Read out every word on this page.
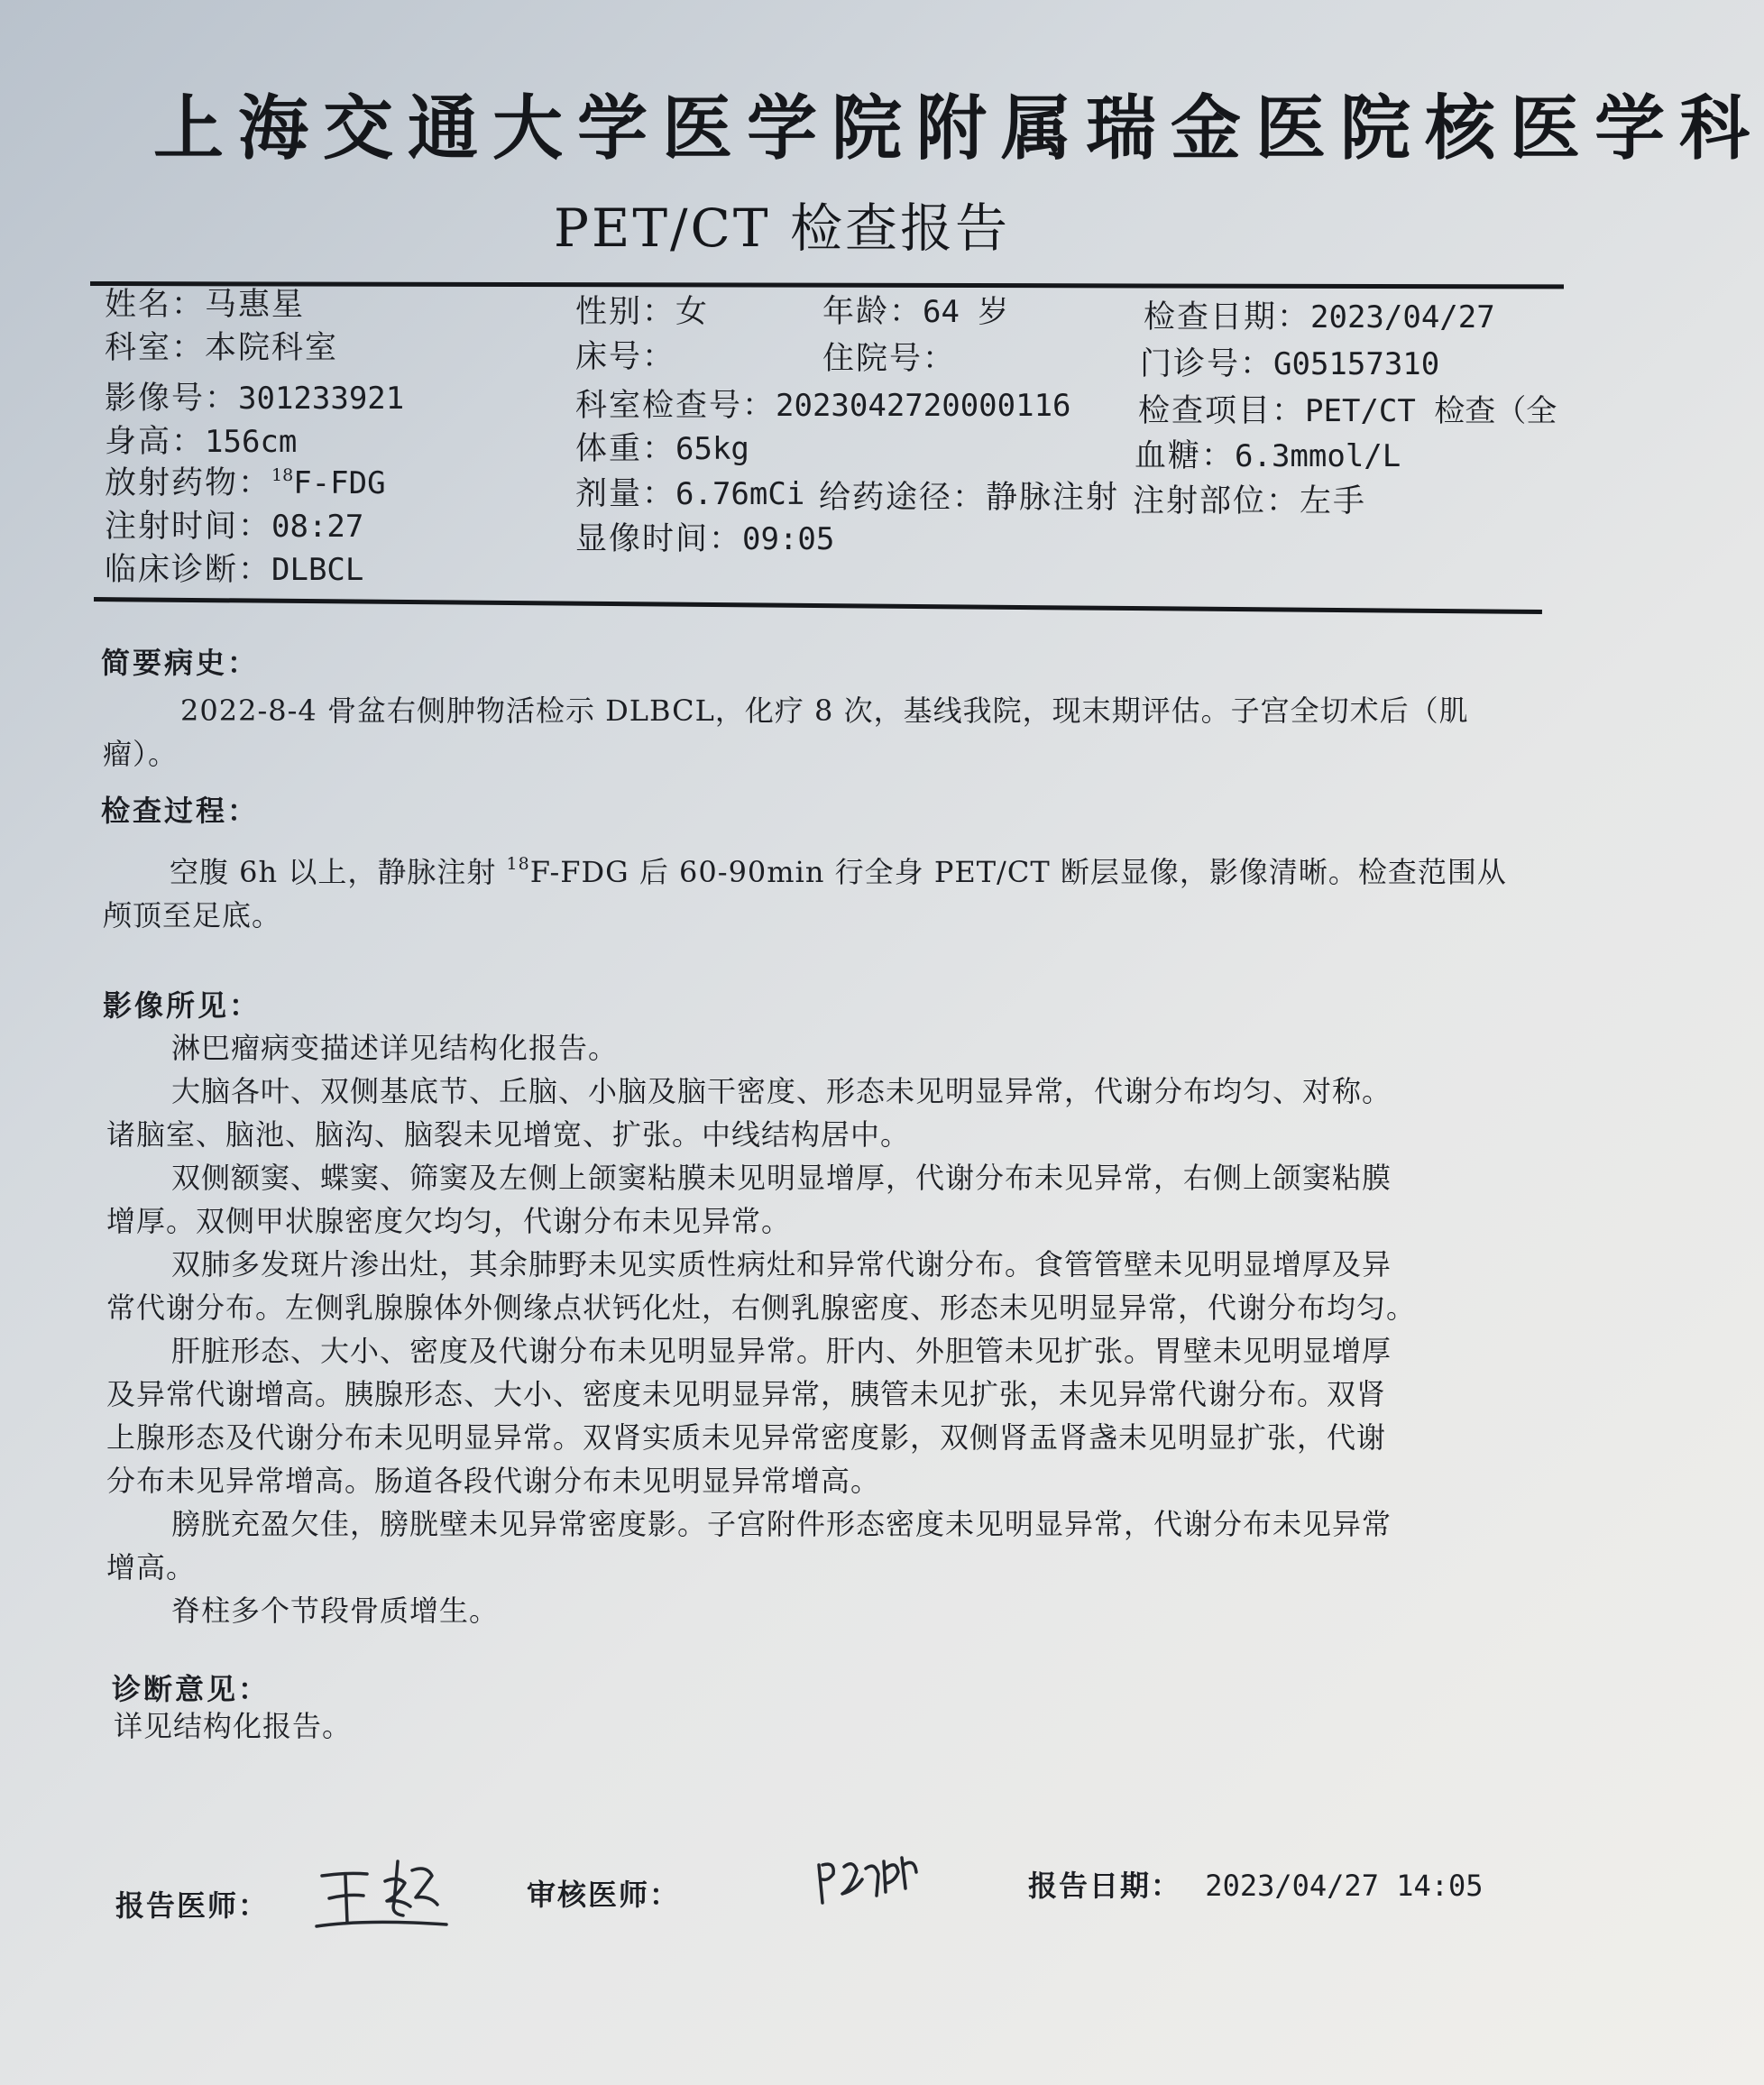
上海交通大学医学院附属瑞金医院核医学科
PET/CT 检查报告
姓名：马惠星
科室：本院科室
影像号：301233921
身高：156cm
放射药物：$^{18}$F-FDG
注射时间：08:27
临床诊断：DLBCL
性别：女
床号：
科室检查号：2023042720000116
体重：65kg
剂量：6.76mCi
显像时间：09:05
年龄：64 岁
住院号：
给药途径：静脉注射
检查日期：2023/04/27
门诊号：G05157310
检查项目：PET/CT 检查（全
血糖：6.3mmol/L
注射部位：左手
简要病史：
2022-8-4 骨盆右侧肿物活检示 DLBCL，化疗 8 次，基线我院，现末期评估。子宫全切术后（肌
瘤）。
检查过程：
空腹 6h 以上，静脉注射 $^{18}$F-FDG 后 60-90min 行全身 PET/CT 断层显像，影像清晰。检查范围从
颅顶至足底。
影像所见：
淋巴瘤病变描述详见结构化报告。
大脑各叶、双侧基底节、丘脑、小脑及脑干密度、形态未见明显异常，代谢分布均匀、对称。
诸脑室、脑池、脑沟、脑裂未见增宽、扩张。中线结构居中。
双侧额窦、蝶窦、筛窦及左侧上颌窦粘膜未见明显增厚，代谢分布未见异常，右侧上颌窦粘膜
增厚。双侧甲状腺密度欠均匀，代谢分布未见异常。
双肺多发斑片渗出灶，其余肺野未见实质性病灶和异常代谢分布。食管管壁未见明显增厚及异
常代谢分布。左侧乳腺腺体外侧缘点状钙化灶，右侧乳腺密度、形态未见明显异常，代谢分布均匀。
肝脏形态、大小、密度及代谢分布未见明显异常。肝内、外胆管未见扩张。胃壁未见明显增厚
及异常代谢增高。胰腺形态、大小、密度未见明显异常，胰管未见扩张，未见异常代谢分布。双肾
上腺形态及代谢分布未见明显异常。双肾实质未见异常密度影，双侧肾盂肾盏未见明显扩张，代谢
分布未见异常增高。肠道各段代谢分布未见明显异常增高。
膀胱充盈欠佳，膀胱壁未见异常密度影。子宫附件形态密度未见明显异常，代谢分布未见异常
增高。
脊柱多个节段骨质增生。
诊断意见：
详见结构化报告。
报告医师：	审核医师：	报告日期： 2023/04/27 14:05
